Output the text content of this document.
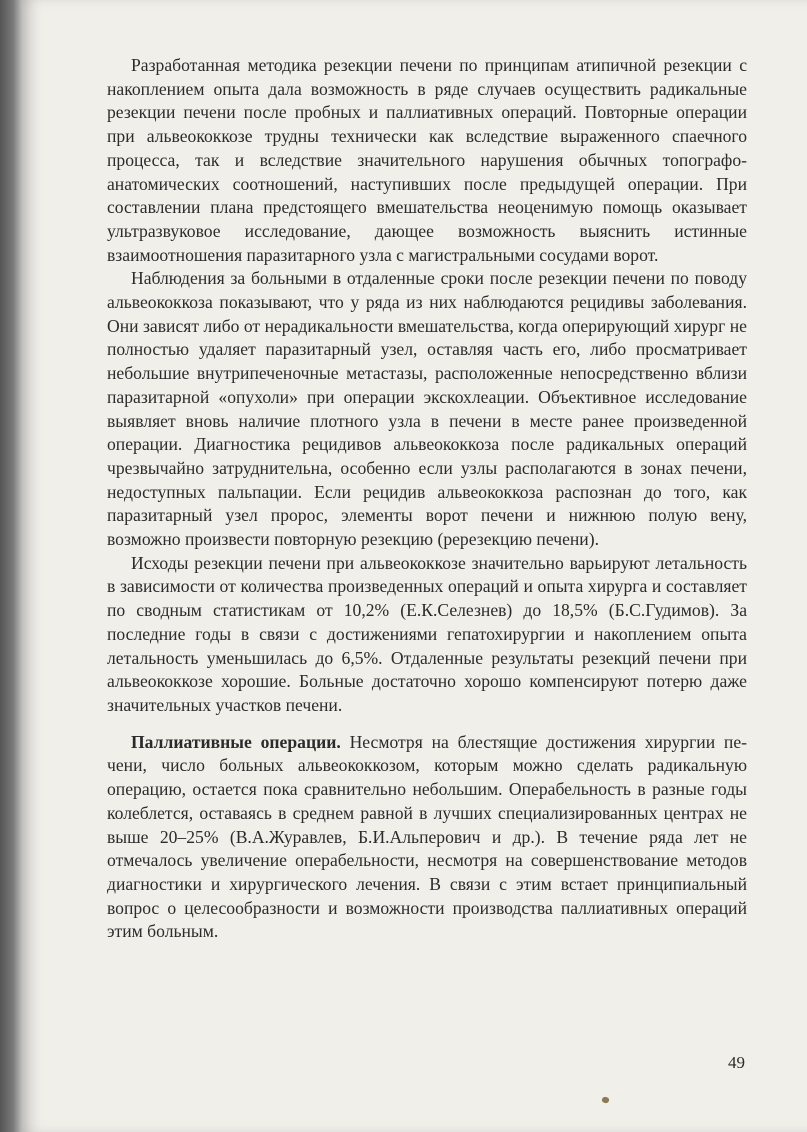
Разработанная методика резекции печени по принципам атипичной резекции с накоплением опыта дала возможность в ряде случаев осуществить радикальные резекции печени после пробных и паллиативных операций. Повторные операции при альвеококкозе трудны технически как вследствие выраженного спаечного процесса, так и вследствие значительного нарушения обычных топографо-анатомических соотношений, наступивших после предыдущей операции. При составлении плана предстоящего вмешательства неоценимую помощь оказывает ультразвуковое исследование, дающее возможность выяснить истинные взаимоотношения паразитарного узла с магистральными сосудами ворот.

Наблюдения за больными в отдаленные сроки после резекции печени по поводу альвеококкоза показывают, что у ряда из них наблюдаются рецидивы заболевания. Они зависят либо от нерадикальности вмешательства, когда оперирующий хирург не полностью удаляет паразитарный узел, оставляя часть его, либо просматривает небольшие внутрипеченочные метастазы, расположенные непосредственно вблизи паразитарной «опухоли» при операции экскохлеации. Объективное исследование выявляет вновь наличие плотного узла в печени в месте ранее произведенной операции. Диагностика рецидивов альвеококкоза после радикальных операций чрезвычайно затруднительна, особенно если узлы располагаются в зонах печени, недоступных пальпации. Если рецидив альвеококкоза распознан до того, как паразитарный узел пророс, элементы ворот печени и нижнюю полую вену, возможно произвести повторную резекцию (ререзекцию печени).

Исходы резекции печени при альвеококкозе значительно варьируют летальность в зависимости от количества произведенных операций и опыта хирурга и составляет по сводным статистикам от 10,2% (Е.К.Селезнев) до 18,5% (Б.С.Гудимов). За последние годы в связи с достижениями гепатохирургии и накоплением опыта летальность уменьшилась до 6,5%. Отдаленные результаты резекций печени при альвеококкозе хорошие. Больные достаточно хорошо компенсируют потерю даже значительных участков печени.

Паллиативные операции. Несмотря на блестящие достижения хирургии печени, число больных альвеококкозом, которым можно сделать радикальную операцию, остается пока сравнительно небольшим. Операбельность в разные годы колеблется, оставаясь в среднем равной в лучших специализированных центрах не выше 20–25% (В.А.Журавлев, Б.И.Альперович и др.). В течение ряда лет не отмечалось увеличение операбельности, несмотря на совершенствование методов диагностики и хирургического лечения. В связи с этим встает принципиальный вопрос о целесообразности и возможности производства паллиативных операций этим больным.

49
